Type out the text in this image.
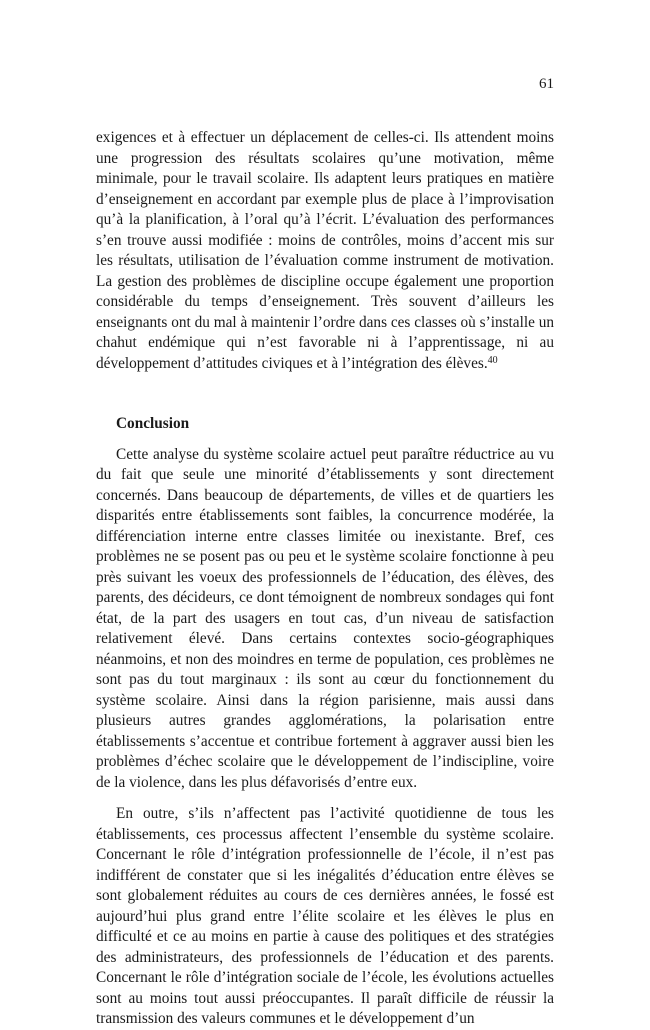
61

exigences et à effectuer un déplacement de celles-ci. Ils attendent moins une progression des résultats scolaires qu’une motivation, même minimale, pour le travail scolaire. Ils adaptent leurs pratiques en matière d’enseignement en accordant par exemple plus de place à l’improvisation qu’à la planification, à l’oral qu’à l’écrit. L’évaluation des performances s’en trouve aussi modifiée : moins de contrôles, moins d’accent mis sur les résultats, utilisation de l’évaluation comme instrument de motivation. La gestion des problèmes de discipline occupe également une proportion considérable du temps d’enseignement. Très souvent d’ailleurs les enseignants ont du mal à maintenir l’ordre dans ces classes où s’installe un chahut endémique qui n’est favorable ni à l’apprentissage, ni au développement d’attitudes civiques et à l’intégration des élèves.$^{40}$

Conclusion

Cette analyse du système scolaire actuel peut paraître réductrice au vu du fait que seule une minorité d’établissements y sont directement concernés. Dans beaucoup de départements, de villes et de quartiers les disparités entre établissements sont faibles, la concurrence modérée, la différenciation interne entre classes limitée ou inexistante. Bref, ces problèmes ne se posent pas ou peu et le système scolaire fonctionne à peu près suivant les voeux des professionnels de l’éducation, des élèves, des parents, des décideurs, ce dont témoignent de nombreux sondages qui font état, de la part des usagers en tout cas, d’un niveau de satisfaction relativement élevé. Dans certains contextes socio-géographiques néanmoins, et non des moindres en terme de population, ces problèmes ne sont pas du tout marginaux : ils sont au cœur du fonctionnement du système scolaire. Ainsi dans la région parisienne, mais aussi dans plusieurs autres grandes agglomérations, la polarisation entre établissements s’accentue et contribue fortement à aggraver aussi bien les problèmes d’échec scolaire que le développement de l’indiscipline, voire de la violence, dans les plus défavorisés d’entre eux.

En outre, s’ils n’affectent pas l’activité quotidienne de tous les établissements, ces processus affectent l’ensemble du système scolaire. Concernant le rôle d’intégration professionnelle de l’école, il n’est pas indifférent de constater que si les inégalités d’éducation entre élèves se sont globalement réduites au cours de ces dernières années, le fossé est aujourd’hui plus grand entre l’élite scolaire et les élèves le plus en difficulté et ce au moins en partie à cause des politiques et des stratégies des administrateurs, des professionnels de l’éducation et des parents. Concernant le rôle d’intégration sociale de l’école, les évolutions actuelles sont au moins tout aussi préoccupantes. Il paraît difficile de réussir la transmission des valeurs communes et le développement d’un
